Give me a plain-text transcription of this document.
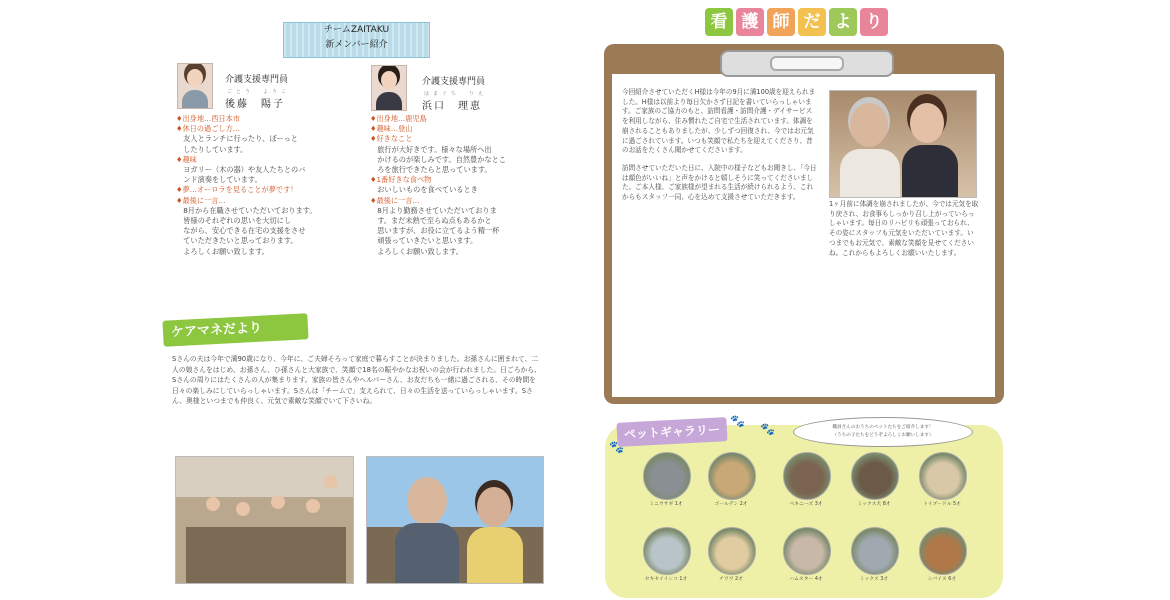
チームZAITAKU
新メンバー紹介
介護支援専門員
ごとう　ようこ
後藤　陽子
♦出身地…西日本市
♦休日の過ごし方…
　友人とランチに行ったり、ぼーっと
　したりしています。
♦趣味
　ヨガリー（木の器）や友人たちとのバ
　ンド演奏をしています。
♦夢…オーロラを見ることが夢です！
♦最後に一言…
　8月から在職させていただいております。
　皆様のそれぞれの思いを大切にし
　ながら、安心できる在宅の支援をさせ
　ていただきたいと思っております。
　よろしくお願い致します。
介護支援専門員
はまぐち　りえ
浜口　理恵
♦出身地…鹿児島
♦趣味…登山
♦好きなこと
　旅行が大好きです。様々な場所へ出
　かけるのが楽しみです。自然豊かなとこ
　ろを旅行できたらと思っています。
♦1番好きな食べ物
　おいしいものを食べているとき
♦最後に一言…
　8月より勤務させていただいておりま
　す。まだ未熟で至らぬ点もあるかと
　思いますが、お役に立てるよう精一杯
　頑張っていきたいと思います。
　よろしくお願い致します。
ケアマネだより
Sさんの夫は今年で満90歳になり、今年に、ご夫婦そろって家庭で暮らすことが決まりました。お孫さんに囲まれて、二人の娘さんをはじめ、お孫さん、ひ孫さんと大家族で、笑顔で18名の賑やかなお祝いの会が行われました。日ごろから、Sさんの周りにはたくさんの人が集まります。家族の皆さんやヘルパーさん、お友だちも一緒に過ごされる、その時間を日々の楽しみにしていらっしゃいます。Sさんは「チームで」支えられて、日々の生活を送っていらっしゃいます。Sさん、奥様といつまでも仲良く、元気で素敵な笑顔でいて下さいね。
看 護 師 だ よ り
今回紹介させていただくH様は今年の9月に満100歳を迎えられました。H様は以前より毎日欠かさず日記を書いていらっしゃいます。ご家族のご協力のもと、訪問看護・訪問介護・デイサービスを利用しながら、住み慣れたご自宅で生活されています。体調を崩されることもありましたが、少しずつ回復され、今ではお元気に過ごされています。いつも笑顔で私たちを迎えてくださり、昔のお話をたくさん聞かせてくださいます。
訪問させていただいた日に、入院中の様子などもお聞きし、「今日は顔色がいいね」と声をかけると嬉しそうに笑ってくださいました。ご本人様、ご家族様が望まれる生活が続けられるよう、これからもスタッフ一同、心を込めて支援させていただきます。
1ヶ月前に体調を崩されましたが、今では元気を取り戻され、お食事もしっかり召し上がっていらっしゃいます。毎日のリハビリも頑張っておられ、その姿にスタッフも元気をいただいています。いつまでもお元気で、素敵な笑顔を見せてくださいね。これからもよろしくお願いいたします。
ペットギャラリー
🐾
🐾
🐾
職員さんのおうちのペットたちをご紹介します！
（うちの子たちをどうぞよろしくお願いします）
ミニウサギ 1才	ゴールデン 2才	ペキニーズ 3才	ミックス犬 8才	トイプードル 5才
セキセイインコ 1才	チワワ 2才	ハムスター 4才	ミックス 3才	シバイヌ 6才
